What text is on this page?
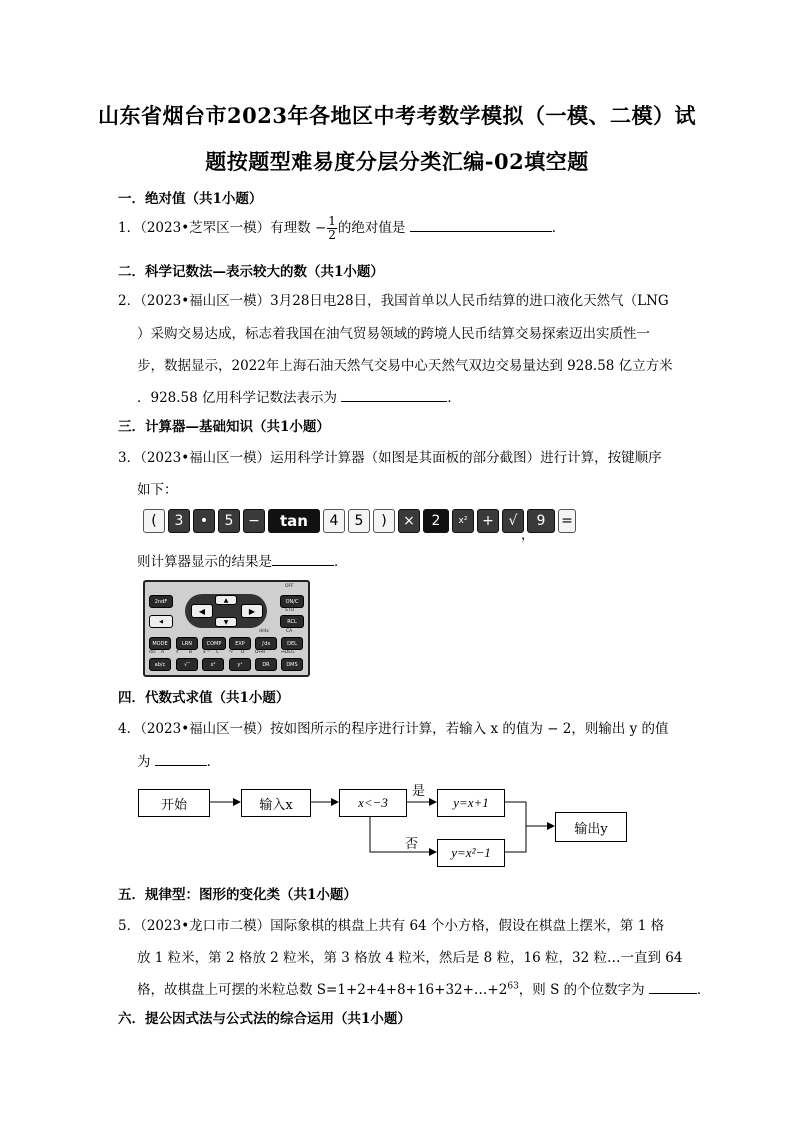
山东省烟台市2023年各地区中考考数学模拟（一模、二模）试
题按题型难易度分层分类汇编-02填空题
一．绝对值（共1小题）
1．（2023•芝罘区一模）有理数 − $\frac{1}{2}$ 的绝对值是	．
二．科学记数法—表示较大的数（共1小题）
2．（2023•福山区一模）3月28日电28日，我国首单以人民币结算的进口液化天然气（LNG
）采购交易达成，标志着我国在油气贸易领域的跨境人民币结算交易探索迈出实质性一
步，数据显示，2022年上海石油天然气交易中心天然气双边交易量达到 928.58 亿立方米
．928.58 亿用科学记数法表示为	．
三．计算器—基础知识（共1小题）
3．（2023•福山区一模）运用科学计算器（如图是其面板的部分截图）进行计算，按键顺序
如下：
(	3	•	5	−	tan	4	5	)	×	2	x²	+	√	9	=
，
则计算器显示的结果是	．
◀	▶
▲
▼
2ndF	ON/C
◀	RCL
OFF
STO
d/dx	CA
MODE	LRN	COMP	EXP	∫dx	DEL
d/c A	∛ B x⁻¹ C ʸ√ D D↔R	↔DEG
ab/c	√‾	x²	yˣ	DR	DMS
四．代数式求值（共1小题）
4．（2023•福山区一模）按如图所示的程序进行计算，若输入 x 的值为 − 2，则输出 y 的值
为	．
开始	输入x	x<−3	y=x+1
y=x²−1
输出y
是
否
五．规律型：图形的变化类（共1小题）
5．（2023•龙口市二模）国际象棋的棋盘上共有 64 个小方格，假设在棋盘上摆米，第 1 格
放 1 粒米，第 2 格放 2 粒米，第 3 格放 4 粒米，然后是 8 粒，16 粒，32 粒…一直到 64
格，故棋盘上可摆的米粒总数 $S=1+2+4+8+16+32+\dots+2^{63}$，则 S 的个位数字为	．
六．提公因式法与公式法的综合运用（共1小题）
